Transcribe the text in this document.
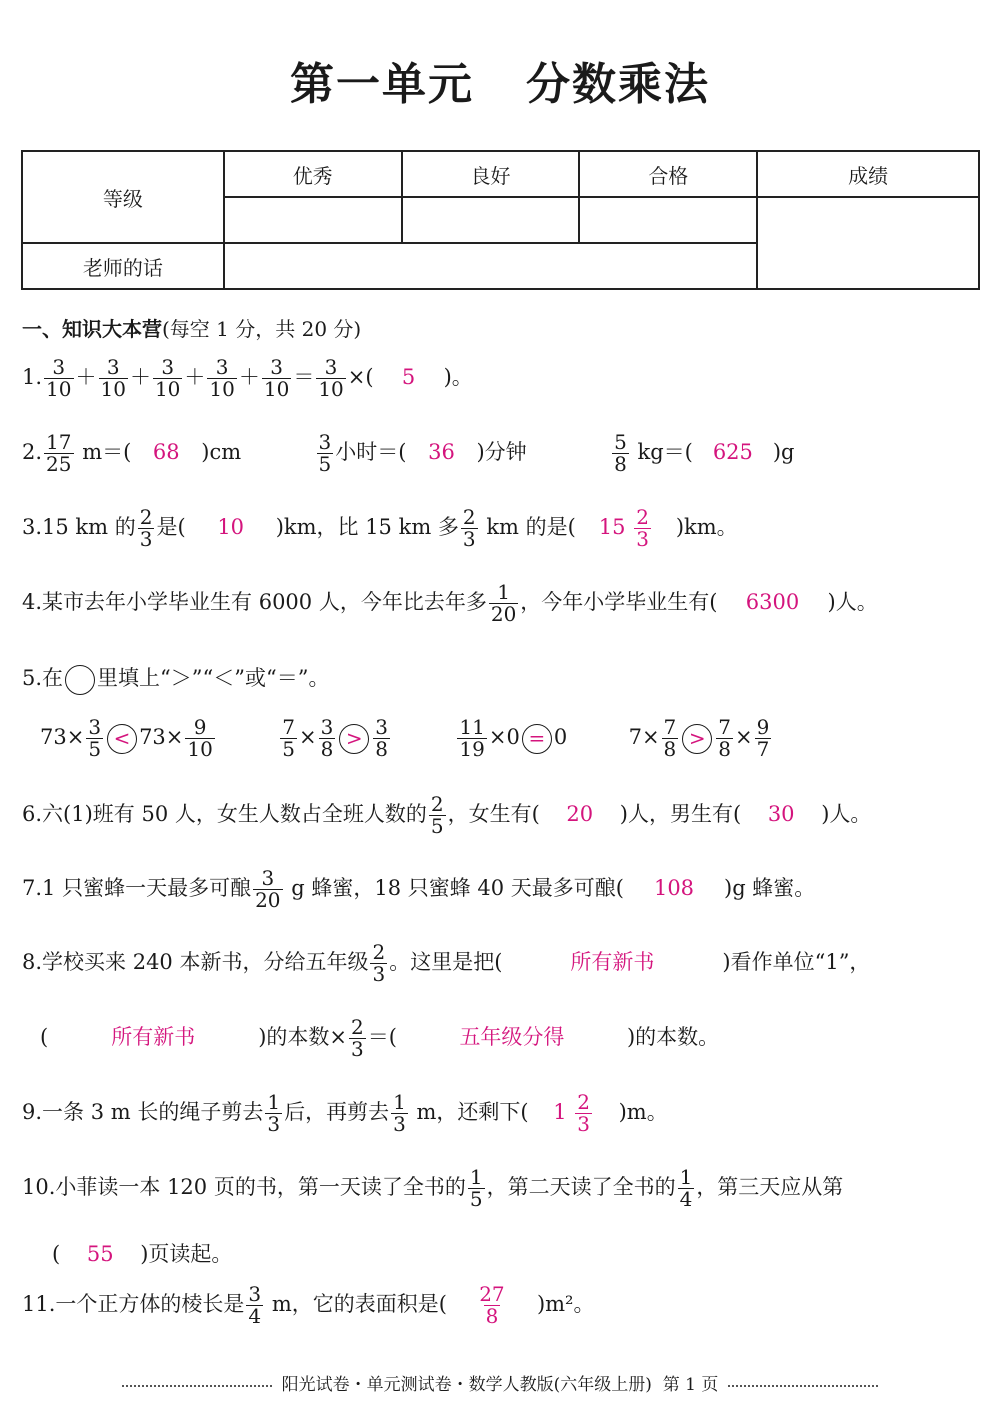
第一单元 分数乘法
等级	优秀	良好	合格	成绩

老师的话				
一、知识大本营(每空 1 分，共 20 分)
1. $\frac{3}{10} + \frac{3}{10} + \frac{3}{10} + \frac{3}{10} + \frac{3}{10} = \frac{3}{10}$ ×( 5 )。
2. $\frac{17}{25} m=$( 68 )cm	$\frac{3}{5}$ 小时＝( 36 )分钟	$\frac{5}{8} kg=$( 625 )g
3.15 km 的 $\frac{2}{3}$ 是( 10 )km，比 15 km 多 $\frac{2}{3}$ km 的是( $15 \frac{2}{3} )km$。
4.某市去年小学毕业生有 6000 人，今年比去年多 $\frac{1}{20}$ ，今年小学毕业生有( 6300 )人。
5.在 里填上“＞”“＜”或“＝”。
$73\times \frac{3}{5} < 73\times \frac{9}{10}$
	$\frac{7}{5} \times \frac{3}{8} > \frac{3}{8}$
	$\frac{11}{19} \times 0 = 0$	$7\times \frac{7}{8} > \frac{7}{8} \times \frac{9}{7}$
6.六(1)班有 50 人，女生人数占全班人数的 $\frac{2}{5}$ ，女生有( 20 )人，男生有( 30 )人。
7.1 只蜜蜂一天最多可酿 $\frac{3}{20}$ g 蜂蜜，18 只蜜蜂 40 天最多可酿( 108 )g 蜂蜜。
8.学校买来 240 本新书，分给五年级 $\frac{2}{3}$ 。这里是把(	所有新书	)看作单位“1”，
(	所有新书	)的本数× $\frac{2}{3}$ ＝(	五年级分得	)的本数。
9.一条 3 m 长的绳子剪去 $\frac{1}{3}$ 后，再剪去 $\frac{1}{3}$ m，还剩下( $1 \frac{2}{3} )m$。
10.小菲读一本 120 页的书，第一天读了全书的 $\frac{1}{5}$ ，第二天读了全书的 $\frac{1}{4}$ ，第三天应从第
( 55 )页读起。
11.一个正方体的棱长是 $\frac{3}{4}$ m，它的表面积是( $\frac{27}{8} )m^2$。
阳光试卷・单元测试卷・数学人教版(六年级上册) 第 1 页
